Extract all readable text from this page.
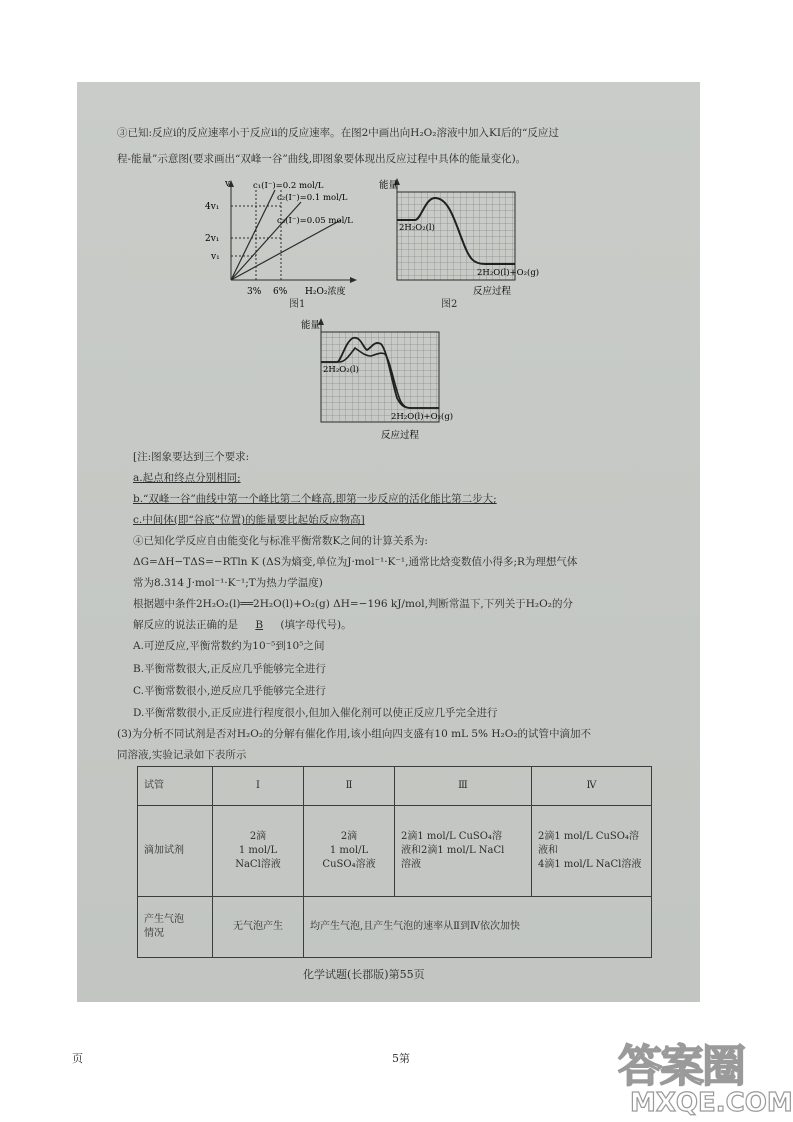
③已知:反应ⅰ的反应速率小于反应ⅱ的反应速率。在图2中画出向H₂O₂溶液中加入KI后的“反应过
程-能量”示意图(要求画出“双峰一谷”曲线,即图象要体现出反应过程中具体的能量变化)。
v
4v₁
2v₁
v₁
3% 6% H₂O₂浓度
c₁(I⁻)=0.2 mol/L
c₂(I⁻)=0.1 mol/L
c₃(I⁻)=0.05 mol/L
图1
能量
2H₂O₂(l)
2H₂O(l)+O₂(g)
反应过程
图2
能量
2H₂O₂(l)
2H₂O(l)+O₂(g)
反应过程
[注:图象要达到三个要求:
a.起点和终点分别相同;
b.“双峰一谷”曲线中第一个峰比第二个峰高,即第一步反应的活化能比第二步大;
c.中间体(即“谷底”位置)的能量要比起始反应物高]
④已知化学反应自由能变化与标准平衡常数K之间的计算关系为:
ΔG=ΔH−TΔS=−RTln K (ΔS为熵变,单位为J·mol⁻¹·K⁻¹,通常比焓变数值小得多;R为理想气体
常为8.314 J·mol⁻¹·K⁻¹;T为热力学温度)
根据题中条件2H₂O₂(l)══2H₂O(l)+O₂(g) ΔH=−196 kJ/mol,判断常温下,下列关于H₂O₂的分
解反应的说法正确的是 B (填字母代号)。
A.可逆反应,平衡常数约为10⁻⁵到10⁵之间
B.平衡常数很大,正反应几乎能够完全进行
C.平衡常数很小,逆反应几乎能够完全进行
D.平衡常数很小,正反应进行程度很小,但加入催化剂可以使正反应几乎完全进行
(3)为分析不同试剂是否对H₂O₂的分解有催化作用,该小组向四支盛有10 mL 5% H₂O₂的试管中滴加不
同溶液,实验记录如下表所示
试管	Ⅰ	Ⅱ	Ⅲ	Ⅳ
滴加试剂	2滴
1 mol/L
NaCl溶液	2滴
1 mol/L
CuSO₄溶液	2滴1 mol/L CuSO₄溶
液和2滴1 mol/L NaCl
溶液	2滴1 mol/L CuSO₄溶液和
4滴1 mol/L NaCl溶液
产生气泡
情况	无气泡产生	均产生气泡,且产生气泡的速率从Ⅱ到Ⅳ依次加快		
化学试题(长郡版)第55页
页	5第	答案圈
MXQE.COM
